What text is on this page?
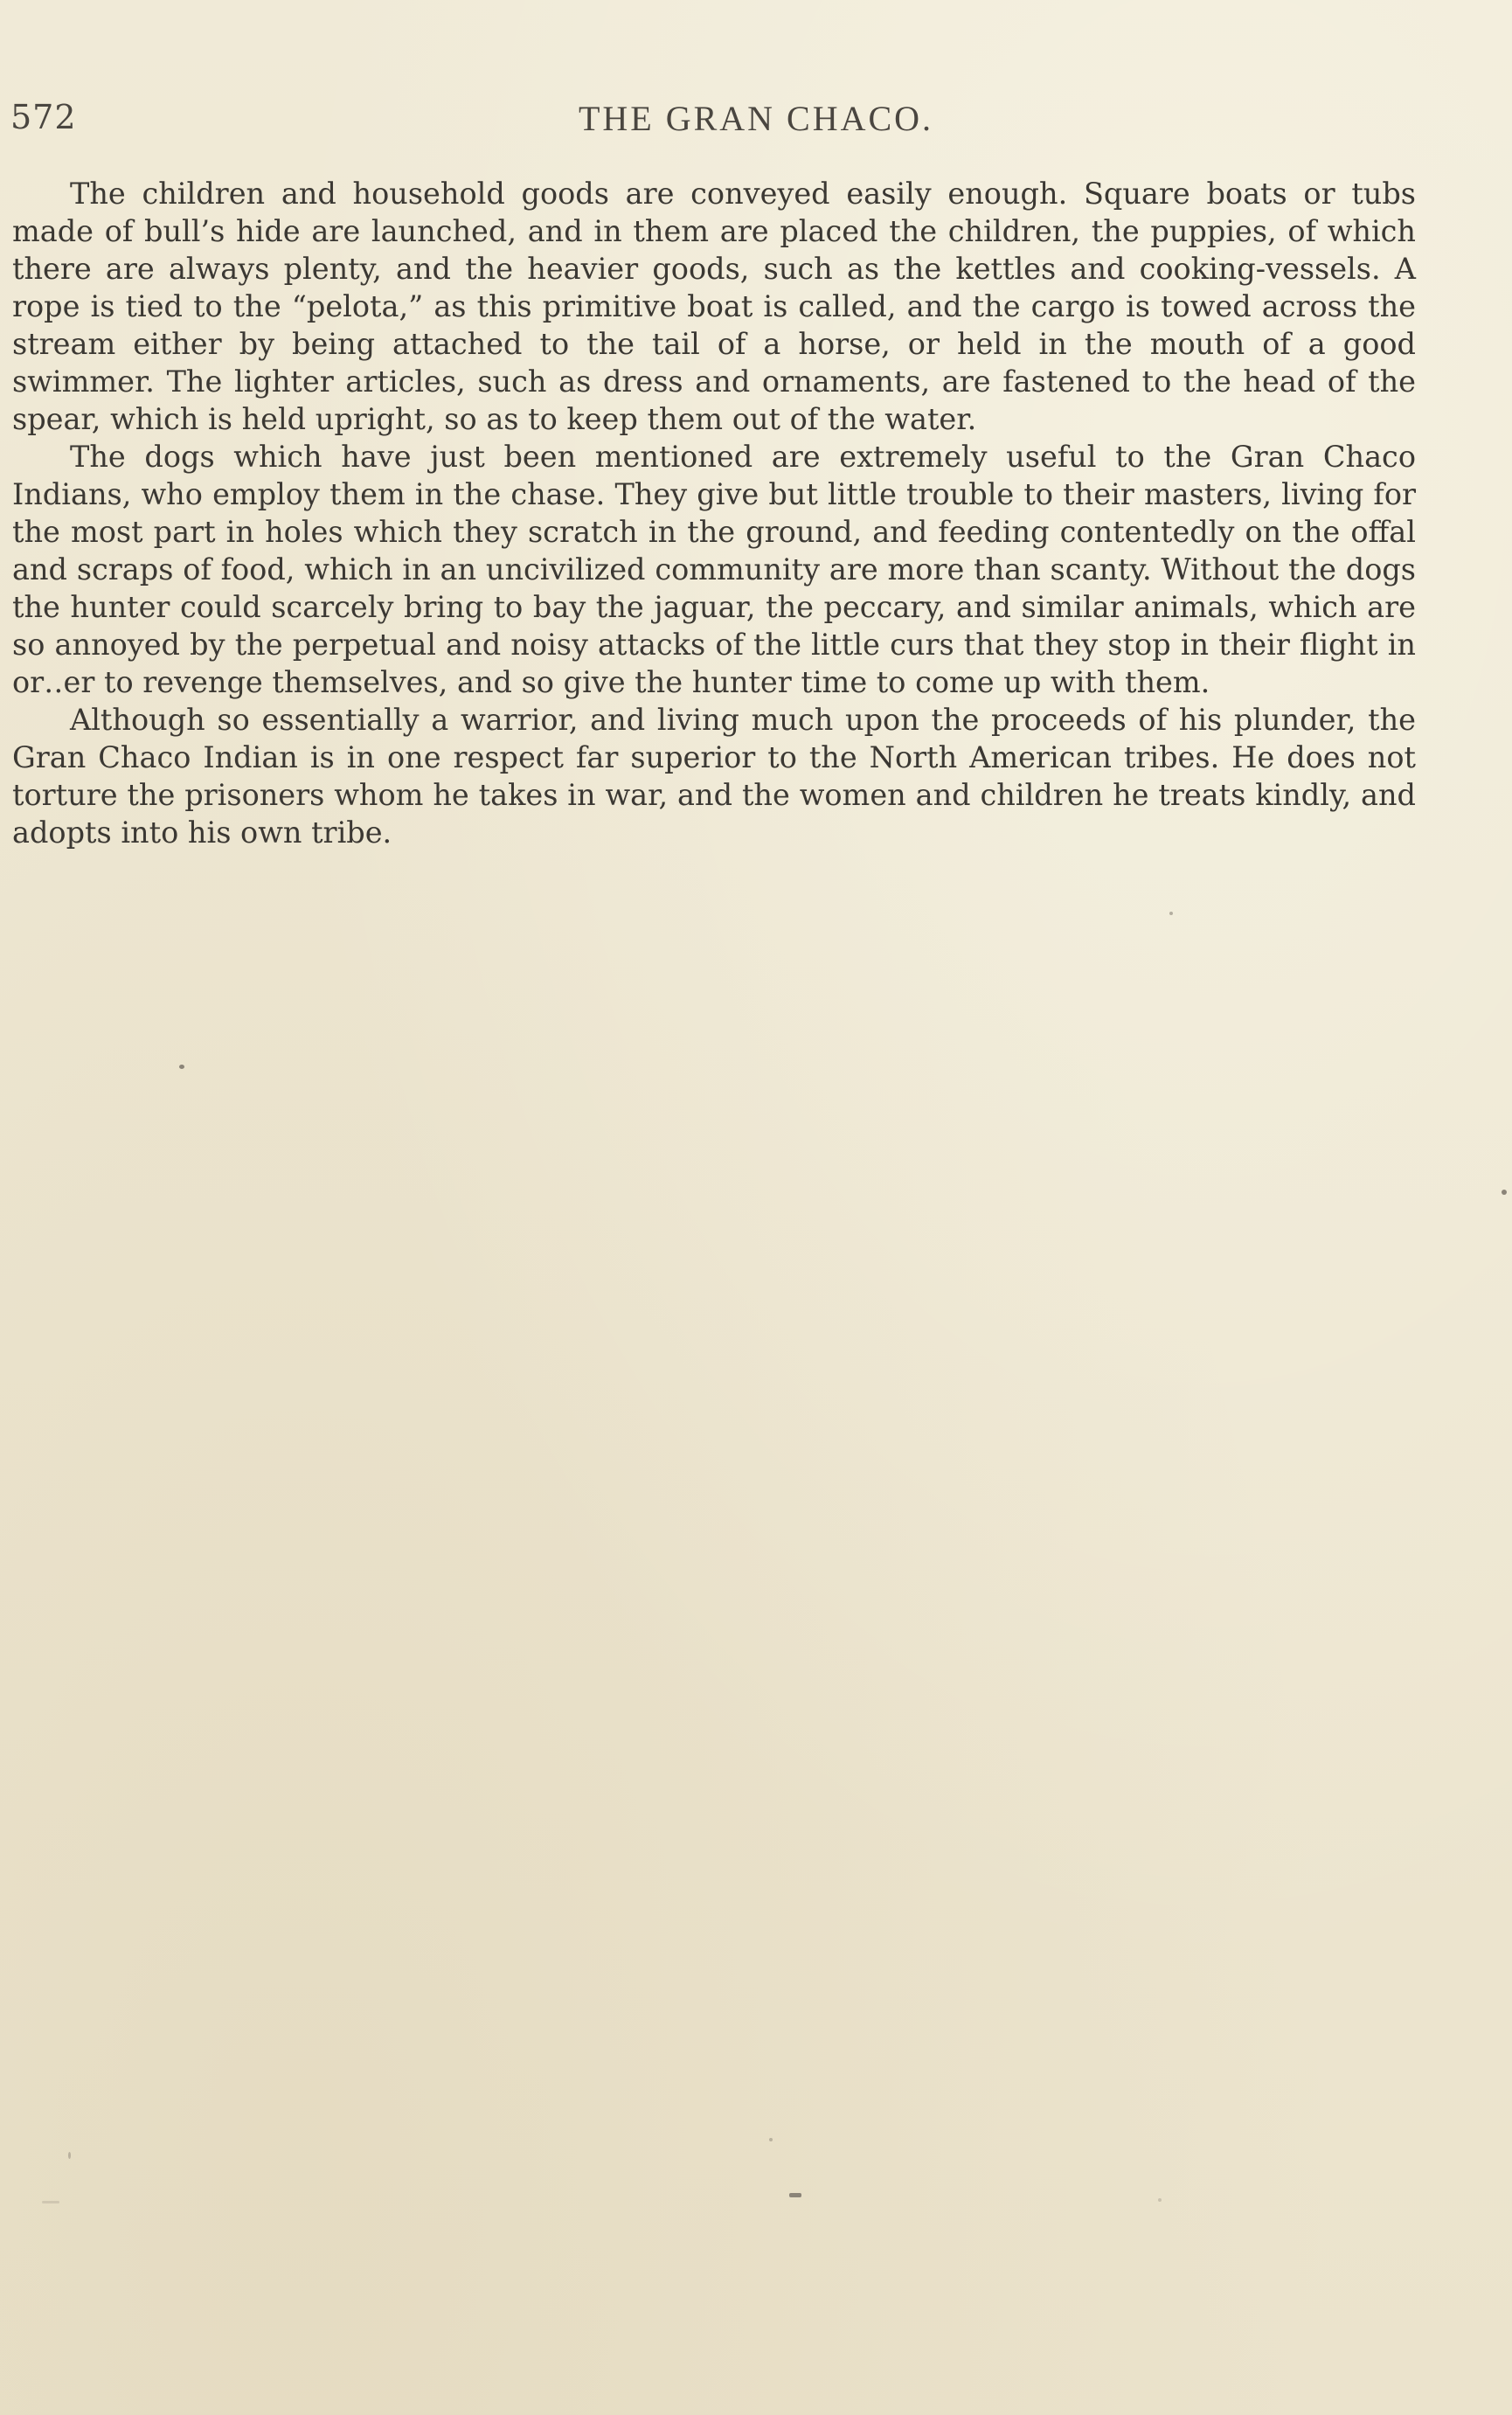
572	THE GRAN CHACO.

The children and household goods are conveyed easily enough. Square boats or tubs made of bull’s hide are launched, and in them are placed the children, the puppies, of which there are always plenty, and the heavier goods, such as the kettles and cooking-vessels. A rope is tied to the “pelota,” as this primitive boat is called, and the cargo is towed across the stream either by being attached to the tail of a horse, or held in the mouth of a good swimmer. The lighter articles, such as dress and ornaments, are fastened to the head of the spear, which is held upright, so as to keep them out of the water.

The dogs which have just been mentioned are extremely useful to the Gran Chaco Indians, who employ them in the chase. They give but little trouble to their masters, living for the most part in holes which they scratch in the ground, and feeding contentedly on the offal and scraps of food, which in an uncivilized community are more than scanty. Without the dogs the hunter could scarcely bring to bay the jaguar, the peccary, and similar animals, which are so annoyed by the perpetual and noisy attacks of the little curs that they stop in their flight in or‥er to revenge themselves, and so give the hunter time to come up with them.

Although so essentially a warrior, and living much upon the proceeds of his plunder, the Gran Chaco Indian is in one respect far superior to the North American tribes. He does not torture the prisoners whom he takes in war, and the women and children he treats kindly, and adopts into his own tribe.
